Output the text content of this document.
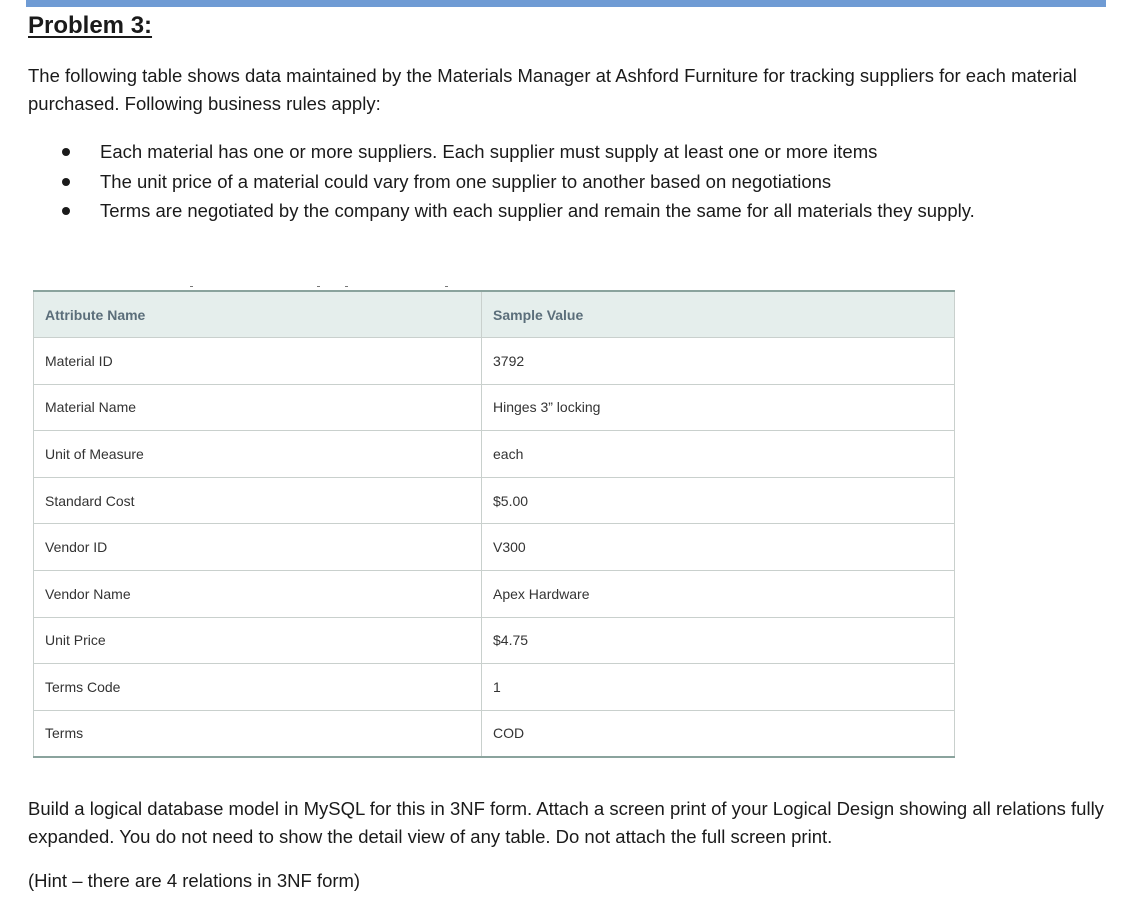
Problem 3:

The following table shows data maintained by the Materials Manager at Ashford Furniture for tracking suppliers for each material purchased. Following business rules apply:

Each material has one or more suppliers. Each supplier must supply at least one or more items
The unit price of a material could vary from one supplier to another based on negotiations
Terms are negotiated by the company with each supplier and remain the same for all materials they supply.
Attribute Name	Sample Value
Material ID	3792
Material Name	Hinges 3” locking
Unit of Measure	each
Standard Cost	$5.00
Vendor ID	V300
Vendor Name	Apex Hardware
Unit Price	$4.75
Terms Code	1
Terms	COD

Build a logical database model in MySQL for this in 3NF form. Attach a screen print of your Logical Design showing all relations fully expanded. You do not need to show the detail view of any table. Do not attach the full screen print.

(Hint – there are 4 relations in 3NF form)
